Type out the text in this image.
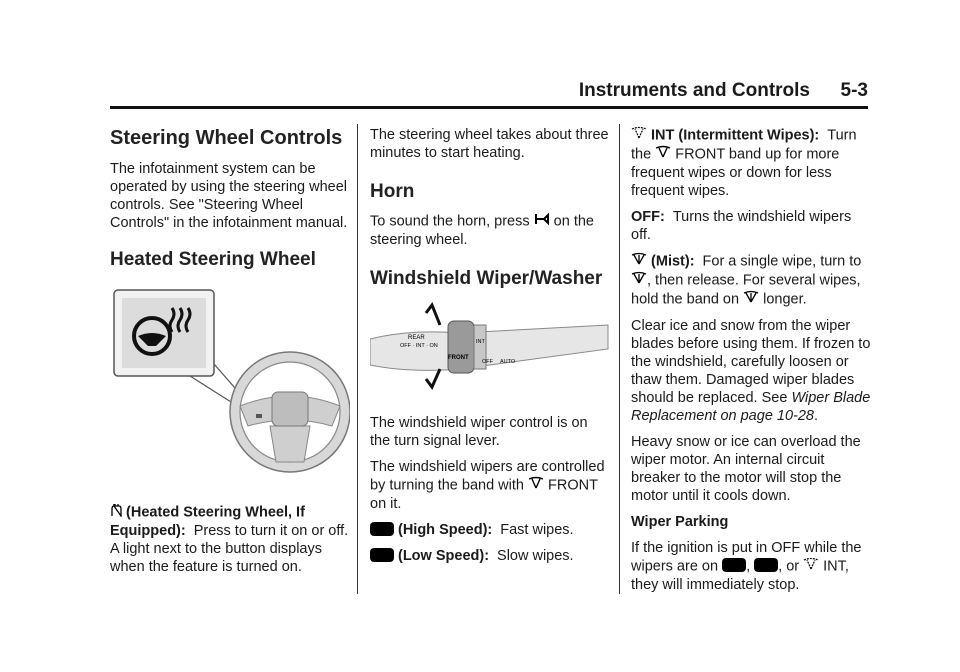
Instruments and Controls 5-3
Steering Wheel Controls

The infotainment system can be operated by using the steering wheel controls. See "Steering Wheel Controls" in the infotainment manual.

Heated Steering Wheel

(Heated Steering Wheel, If Equipped): Press to turn it on or off. A light next to the button displays when the feature is turned on.

The steering wheel takes about three minutes to start heating.

Horn

To sound the horn, press on the steering wheel.

Windshield Wiper/Washer
REAR
OFF · INT · ON
FRONT
INT
OFF AUTO

The windshield wiper control is on the turn signal lever.

The windshield wipers are controlled by turning the band with FRONT on it.

(High Speed): Fast wipes.

(Low Speed): Slow wipes.

INT (Intermittent Wipes): Turn the FRONT band up for more frequent wipes or down for less frequent wipes.

OFF: Turns the windshield wipers off.

(Mist): For a single wipe, turn to , then release. For several wipes, hold the band on longer.

Clear ice and snow from the wiper blades before using them. If frozen to the windshield, carefully loosen or thaw them. Damaged wiper blades should be replaced. See Wiper Blade Replacement on page 10-28.

Heavy snow or ice can overload the wiper motor. An internal circuit breaker to the motor will stop the motor until it cools down.

Wiper Parking

If the ignition is put in OFF while the wipers are on , , or INT, they will immediately stop.
